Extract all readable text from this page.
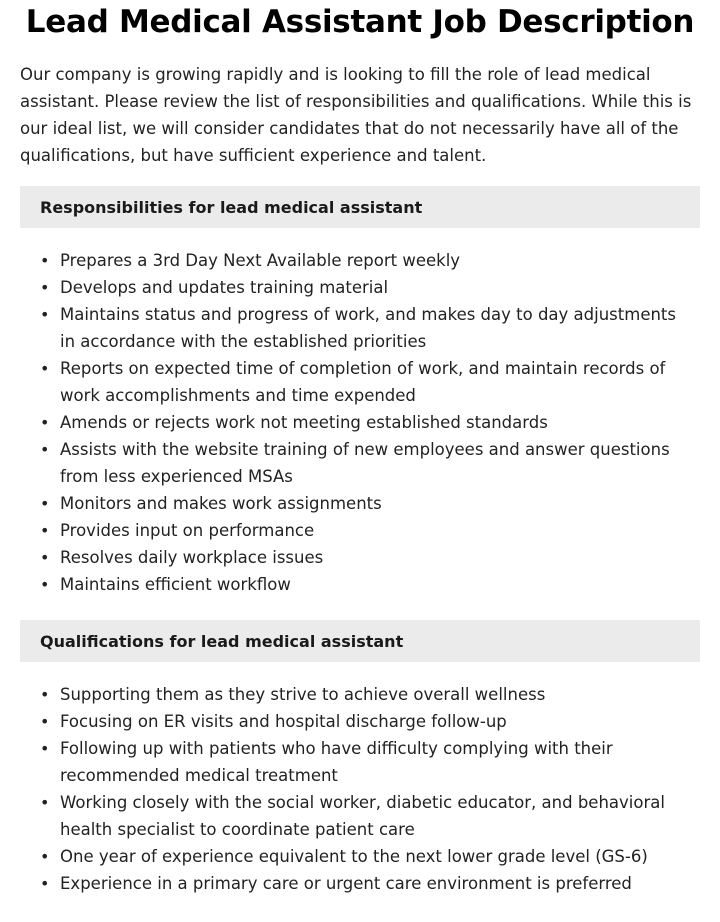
Lead Medical Assistant Job Description

Our company is growing rapidly and is looking to fill the role of lead medical assistant. Please review the list of responsibilities and qualifications. While this is our ideal list, we will consider candidates that do not necessarily have all of the qualifications, but have sufficient experience and talent.

Responsibilities for lead medical assistant
• Prepares a 3rd Day Next Available report weekly
• Develops and updates training material
• Maintains status and progress of work, and makes day to day adjustments in accordance with the established priorities
• Reports on expected time of completion of work, and maintain records of work accomplishments and time expended
• Amends or rejects work not meeting established standards
• Assists with the website training of new employees and answer questions from less experienced MSAs
• Monitors and makes work assignments
• Provides input on performance
• Resolves daily workplace issues
• Maintains efficient workflow
Qualifications for lead medical assistant
• Supporting them as they strive to achieve overall wellness
• Focusing on ER visits and hospital discharge follow-up
• Following up with patients who have difficulty complying with their recommended medical treatment
• Working closely with the social worker, diabetic educator, and behavioral health specialist to coordinate patient care
• One year of experience equivalent to the next lower grade level (GS-6)
• Experience in a primary care or urgent care environment is preferred
